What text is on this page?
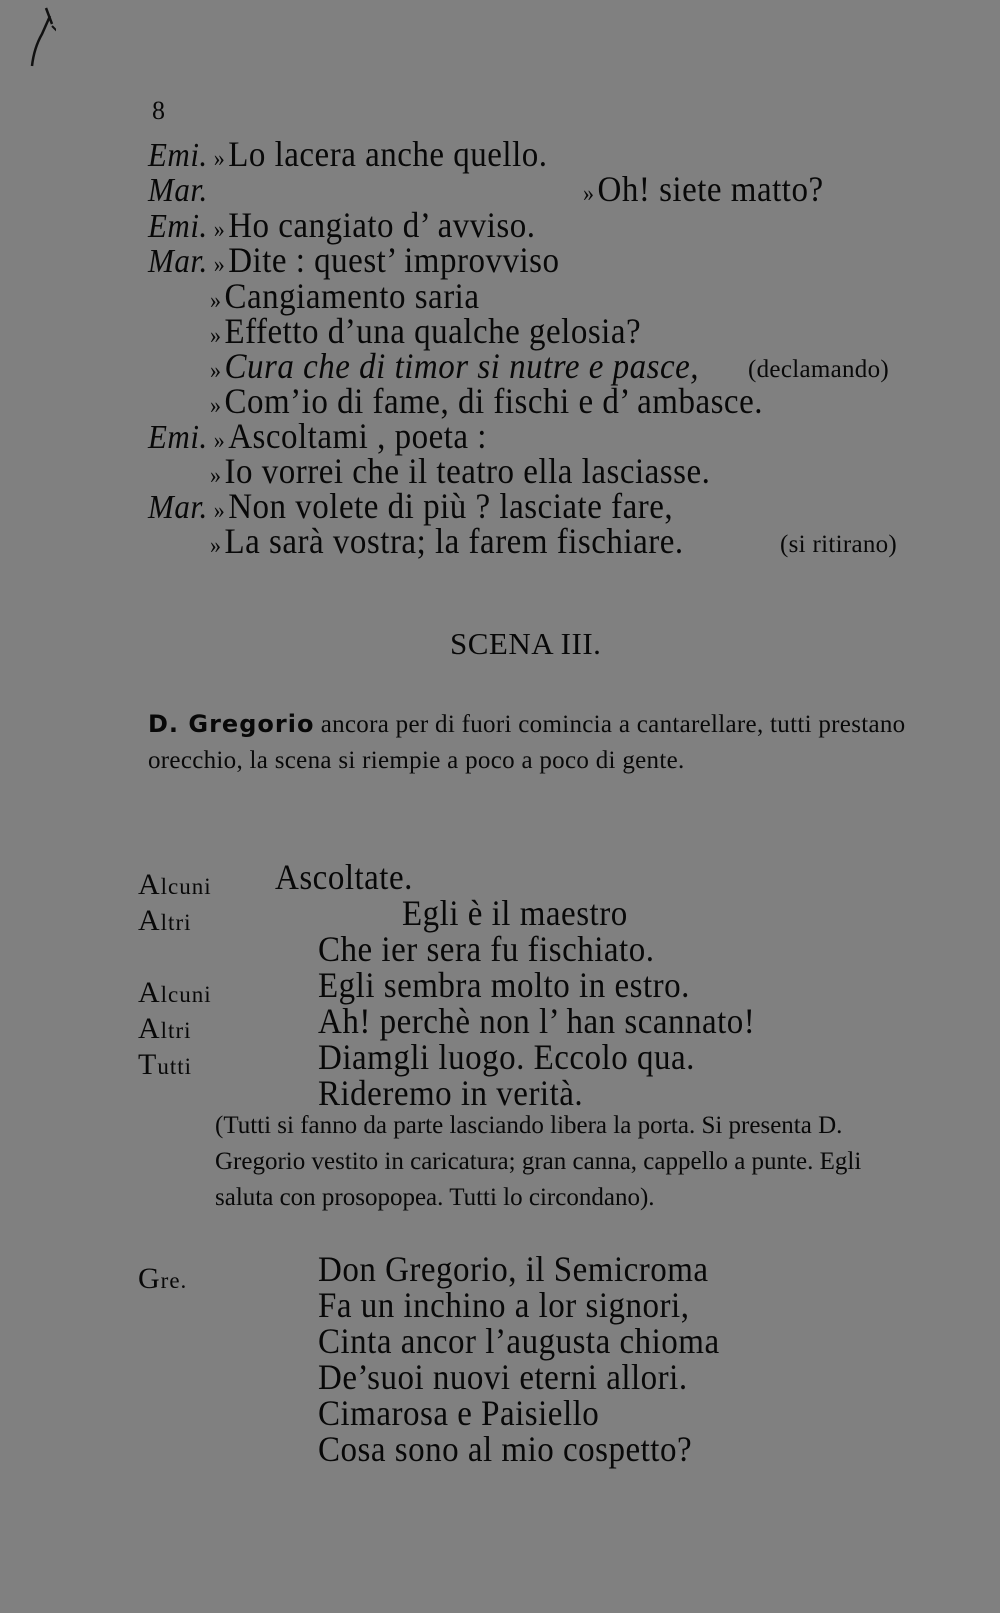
8
Emi. »Lo lacera anche quello.
Mar.	»Oh! siete matto?
Emi. »Ho cangiato d’ avviso.
Mar. »Dite : quest’ improvviso
»Cangiamento saria
»Effetto d’una qualche gelosia?
»Cura che di timor si nutre e pasce, (declamando)
»Com’io di fame, di fischi e d’ ambasce.
Emi. »Ascoltami , poeta :
»Io vorrei che il teatro ella lasciasse.
Mar. »Non volete di più ? lasciate fare,
»La sarà vostra; la farem fischiare.	(si ritirano)
SCENA III.
D. Gregorio ancora per di fuori comincia a cantarellare, tutti prestano orecchio, la scena si riempie a poco a poco di gente.
Alcuni Ascoltate.
Altri	Egli è il maestro
Che ier sera fu fischiato.
Alcuni	Egli sembra molto in estro.
Altri	Ah! perchè non l’ han scannato!
Tutti	Diamgli luogo. Eccolo qua.
Rideremo in verità.
(Tutti si fanno da parte lasciando libera la porta. Si presenta D. Gregorio vestito in caricatura; gran canna, cappello a punte. Egli saluta con prosopopea. Tutti lo circondano).
Gre.	Don Gregorio, il Semicroma
Fa un inchino a lor signori,
Cinta ancor l’augusta chioma
De’suoi nuovi eterni allori.
Cimarosa e Paisiello
Cosa sono al mio cospetto?
